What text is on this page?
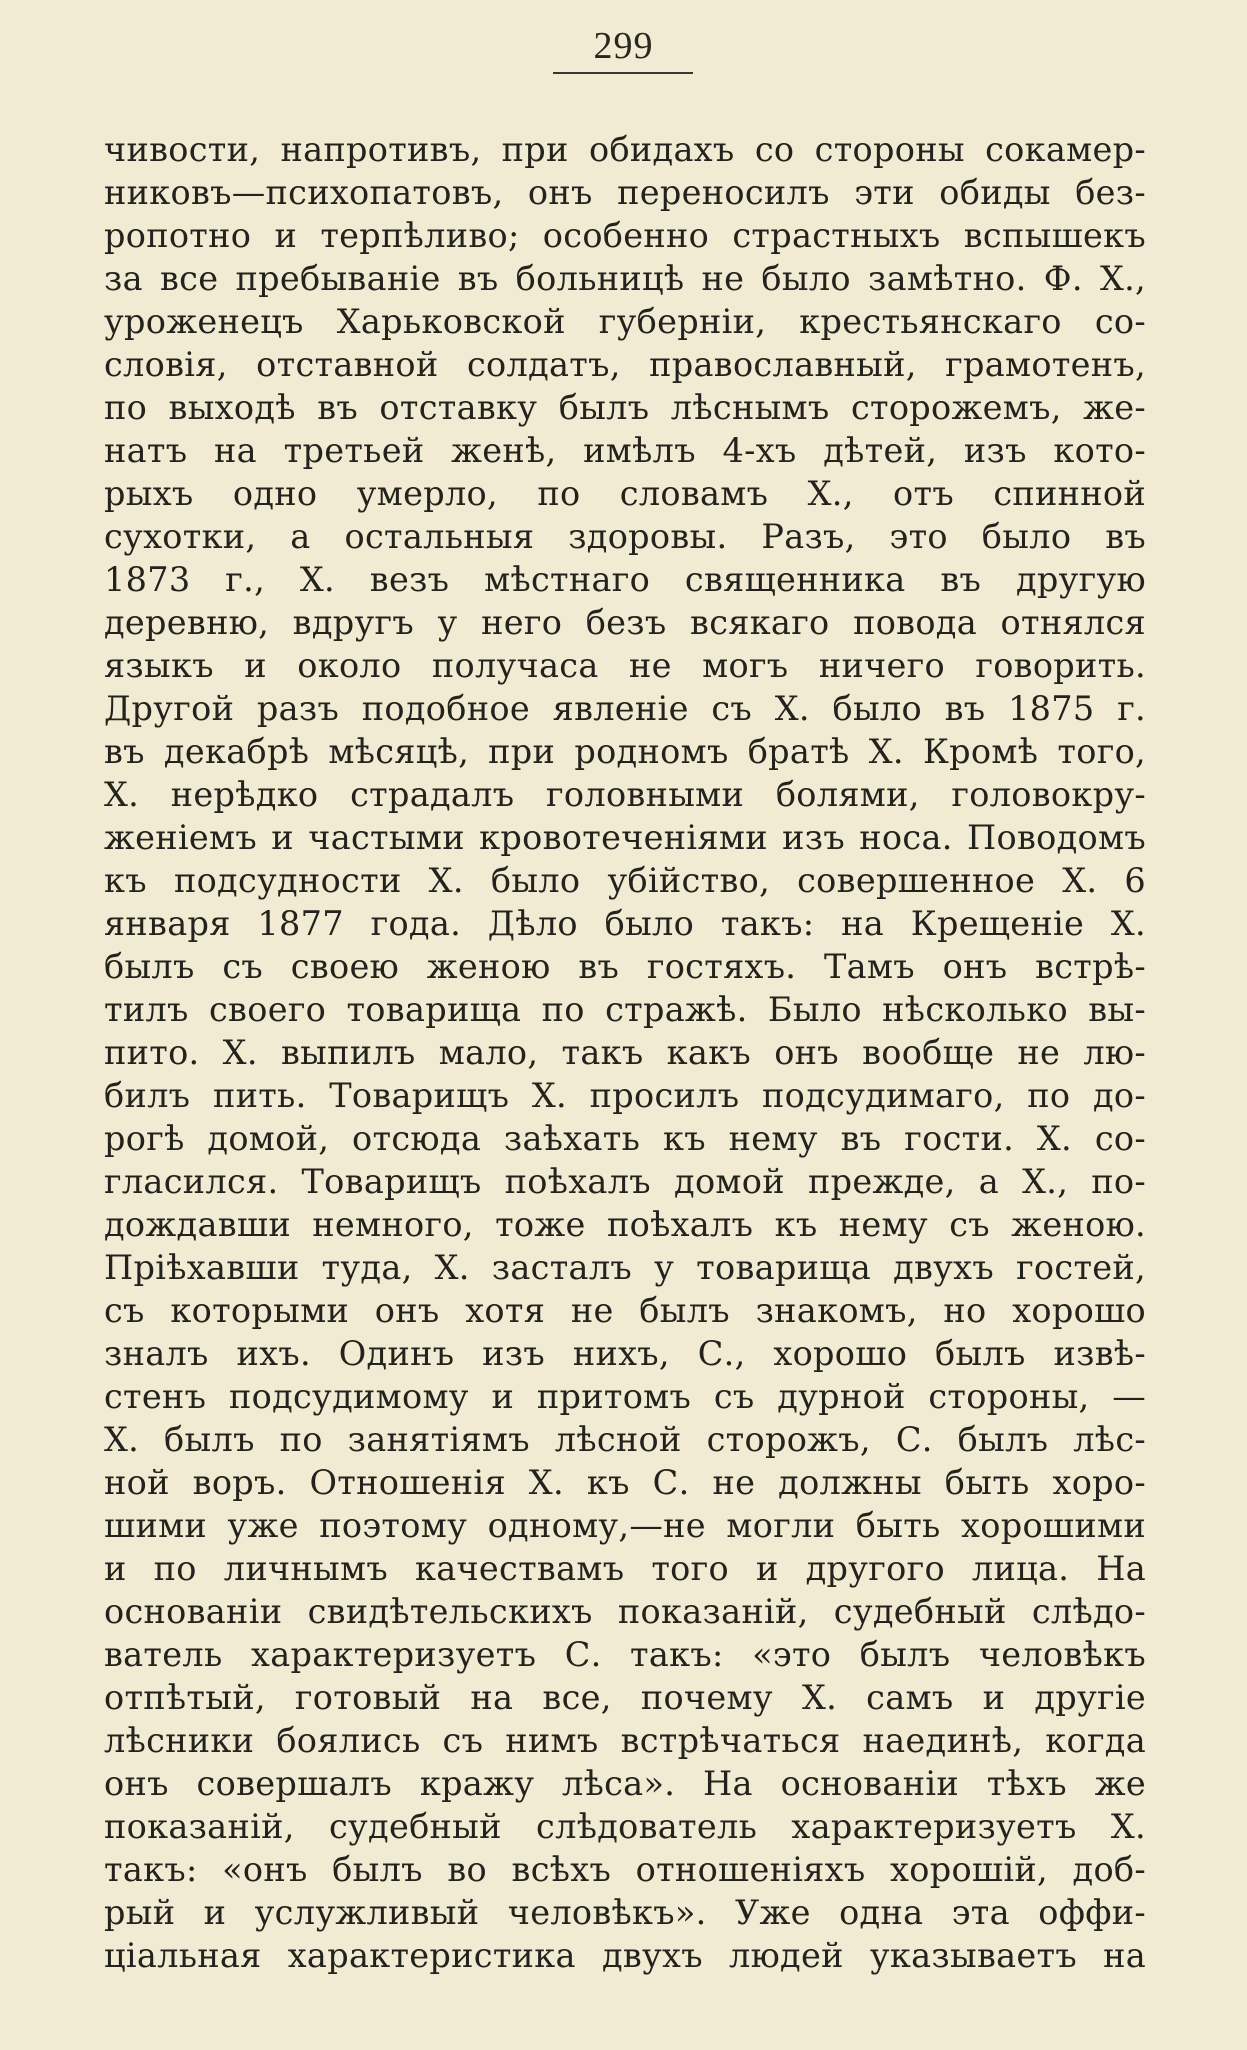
299
чивости, напротивъ, при обидахъ со стороны сокамер-
никовъ—психопатовъ, онъ переносилъ эти обиды без-
ропотно и терпѣливо; особенно страстныхъ вспышекъ
за все пребываніе въ больницѣ не было замѣтно. Ф. Х.,
уроженецъ Харьковской губерніи, крестьянскаго со-
словія, отставной солдатъ, православный, грамотенъ,
по выходѣ въ отставку былъ лѣснымъ сторожемъ, же-
натъ на третьей женѣ, имѣлъ 4-хъ дѣтей, изъ кото-
рыхъ одно умерло, по словамъ Х., отъ спинной
сухотки, а остальныя здоровы. Разъ, это было въ
1873 г., Х. везъ мѣстнаго священника въ другую
деревню, вдругъ у него безъ всякаго повода отнялся
языкъ и около получаса не могъ ничего говорить.
Другой разъ подобное явленіе съ Х. было въ 1875 г.
въ декабрѣ мѣсяцѣ, при родномъ братѣ Х. Кромѣ того,
Х. нерѣдко страдалъ головными болями, головокру-
женіемъ и частыми кровотеченіями изъ носа. Поводомъ
къ подсудности Х. было убійство, совершенное Х. 6
января 1877 года. Дѣло было такъ: на Крещеніе Х.
былъ съ своею женою въ гостяхъ. Тамъ онъ встрѣ-
тилъ своего товарища по стражѣ. Было нѣсколько вы-
пито. Х. выпилъ мало, такъ какъ онъ вообще не лю-
билъ пить. Товарищъ Х. просилъ подсудимаго, по до-
рогѣ домой, отсюда заѣхать къ нему въ гости. Х. со-
гласился. Товарищъ поѣхалъ домой прежде, а Х., по-
дождавши немного, тоже поѣхалъ къ нему съ женою.
Пріѣхавши туда, Х. засталъ у товарища двухъ гостей,
съ которыми онъ хотя не былъ знакомъ, но хорошо
зналъ ихъ. Одинъ изъ нихъ, С., хорошо былъ извѣ-
стенъ подсудимому и притомъ съ дурной стороны, —
Х. былъ по занятіямъ лѣсной сторожъ, С. былъ лѣс-
ной воръ. Отношенія Х. къ С. не должны быть хоро-
шими уже поэтому одному,—не могли быть хорошими
и по личнымъ качествамъ того и другого лица. На
основаніи свидѣтельскихъ показаній, судебный слѣдо-
ватель характеризуетъ С. такъ: «это былъ человѣкъ
отпѣтый, готовый на все, почему Х. самъ и другіе
лѣсники боялись съ нимъ встрѣчаться наединѣ, когда
онъ совершалъ кражу лѣса». На основаніи тѣхъ же
показаній, судебный слѣдователь характеризуетъ Х.
такъ: «онъ былъ во всѣхъ отношеніяхъ хорошій, доб-
рый и услужливый человѣкъ». Уже одна эта оффи-
ціальная характеристика двухъ людей указываетъ на
